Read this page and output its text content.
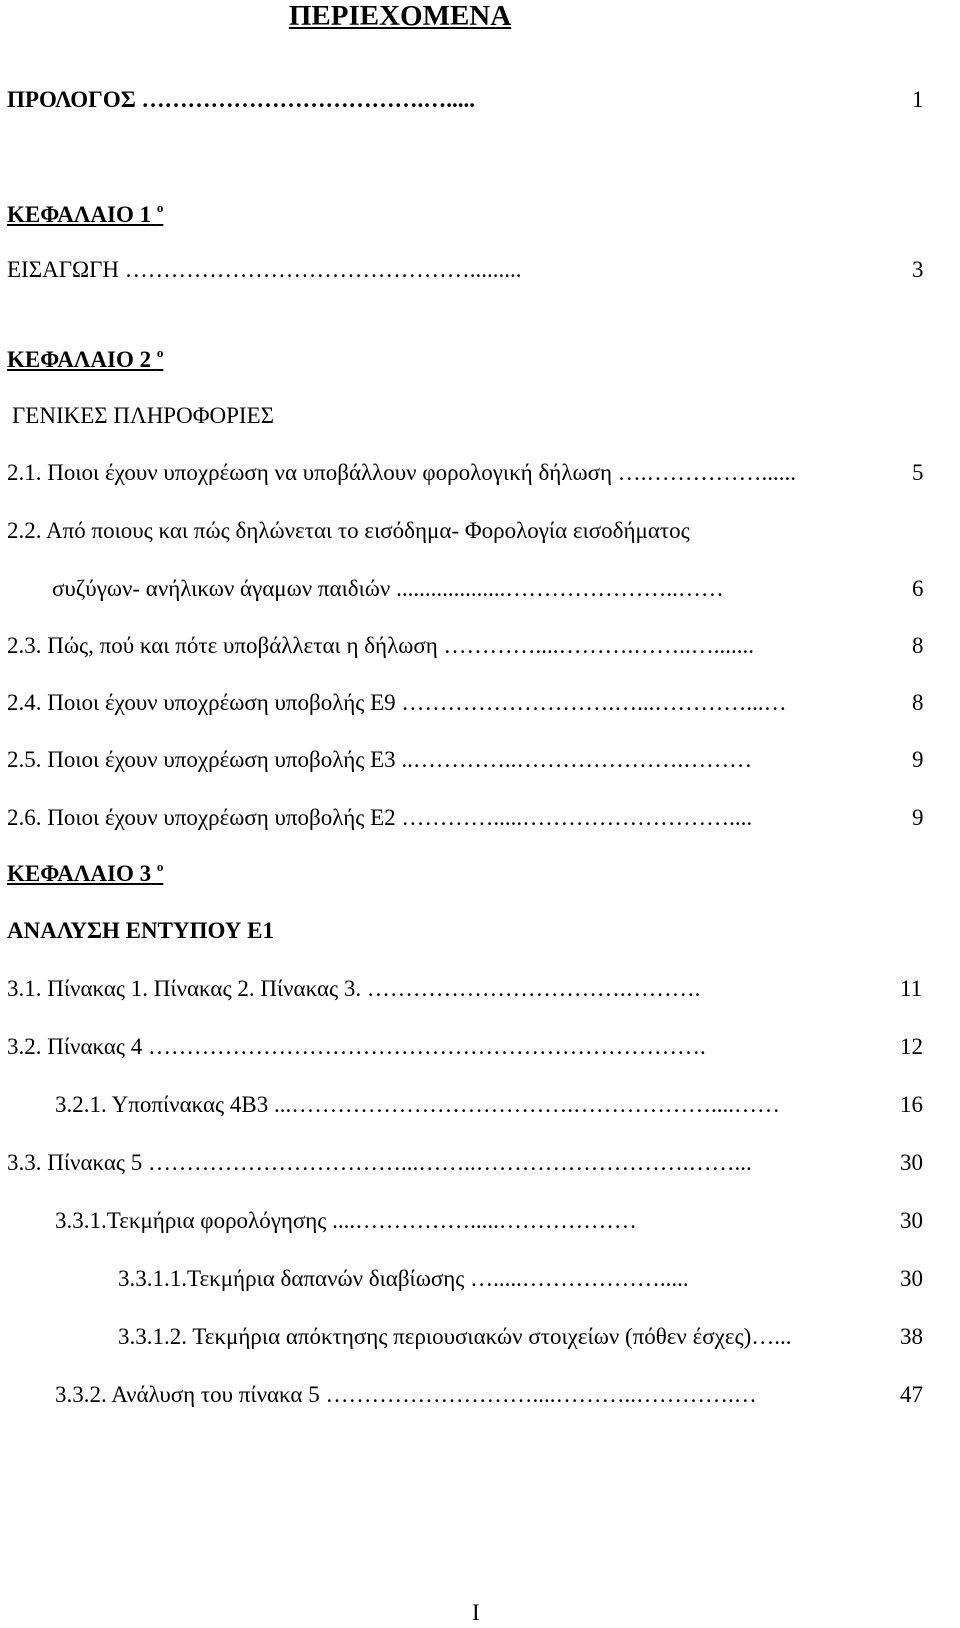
ΠΕΡΙΕΧΟΜΕΝΑ
ΠΡΟΛΟΓΟΣ ……………………………….….....	1
ΚΕΦΑΛΑΙΟ 1 $^o$
ΕΙΣΑΓΩΓΗ ……………………………………….........	3
ΚΕΦΑΛΑΙΟ 2 $^o$
ΓΕΝΙΚΕΣ ΠΛΗΡΟΦΟΡΙΕΣ
2.1. Ποιοι έχουν υποχρέωση να υποβάλλουν φορολογική δήλωση ….……………......	5
2.2. Από ποιους και πώς δηλώνεται το εισόδημα- Φορολογία εισοδήματος
συζύγων- ανήλικων άγαμων παιδιών ...................…………………..……	6
2.3. Πώς, πού και πότε υποβάλλεται η δήλωση …………....……….……..….......	8
2.4. Ποιοι έχουν υποχρέωση υποβολής Ε9 ……………………….…...…………...…	8
2.5. Ποιοι έχουν υποχρέωση υποβολής Ε3 ..…………..………………….………	9
2.6. Ποιοι έχουν υποχρέωση υποβολής Ε2 ………….....………………………....	9
ΚΕΦΑΛΑΙΟ 3 $^o$
ΑΝΑΛΥΣΗ ΕΝΤΥΠΟΥ Ε1
3.1. Πίνακας 1. Πίνακας 2. Πίνακας 3. …………………………….……….	11
3.2. Πίνακας 4 ……………………………………………………………….	12
3.2.1. Υποπίνακας 4Β3 ...……………………………….………………....……	16
3.3. Πίνακας 5 ……………………………...……..……………………….……...	30
3.3.1.Τεκμήρια φορολόγησης ....…………….....………………	30
3.3.1.1.Τεκμήρια δαπανών διαβίωσης ….....……………….....	30
3.3.1.2. Τεκμήρια απόκτησης περιουσιακών στοιχείων (πόθεν έσχες)…...	38
3.3.2. Ανάλυση του πίνακα 5 ………………………....………..………….…	47
I
